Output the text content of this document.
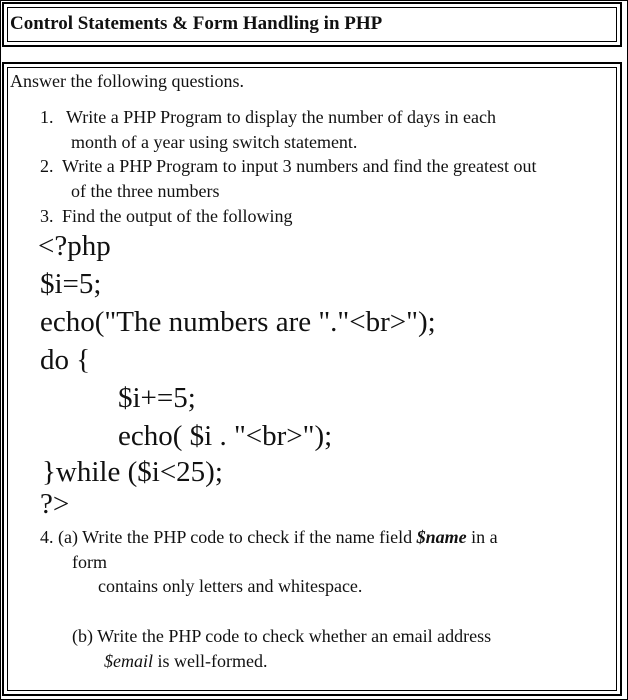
Control Statements & Form Handling in PHP
Answer the following questions.
1. Write a PHP Program to display the number of days in each
month of a year using switch statement.
2. Write a PHP Program to input 3 numbers and find the greatest out
of the three numbers
3. Find the output of the following
<?php
$i=5;
echo("The numbers are "."<br>");
do {
$i+=5;
echo( $i . "<br>");
}while ($i<25);
?>
4. (a) Write the PHP code to check if the name field $name in a
form
contains only letters and whitespace.
(b) Write the PHP code to check whether an email address
$email is well-formed.
